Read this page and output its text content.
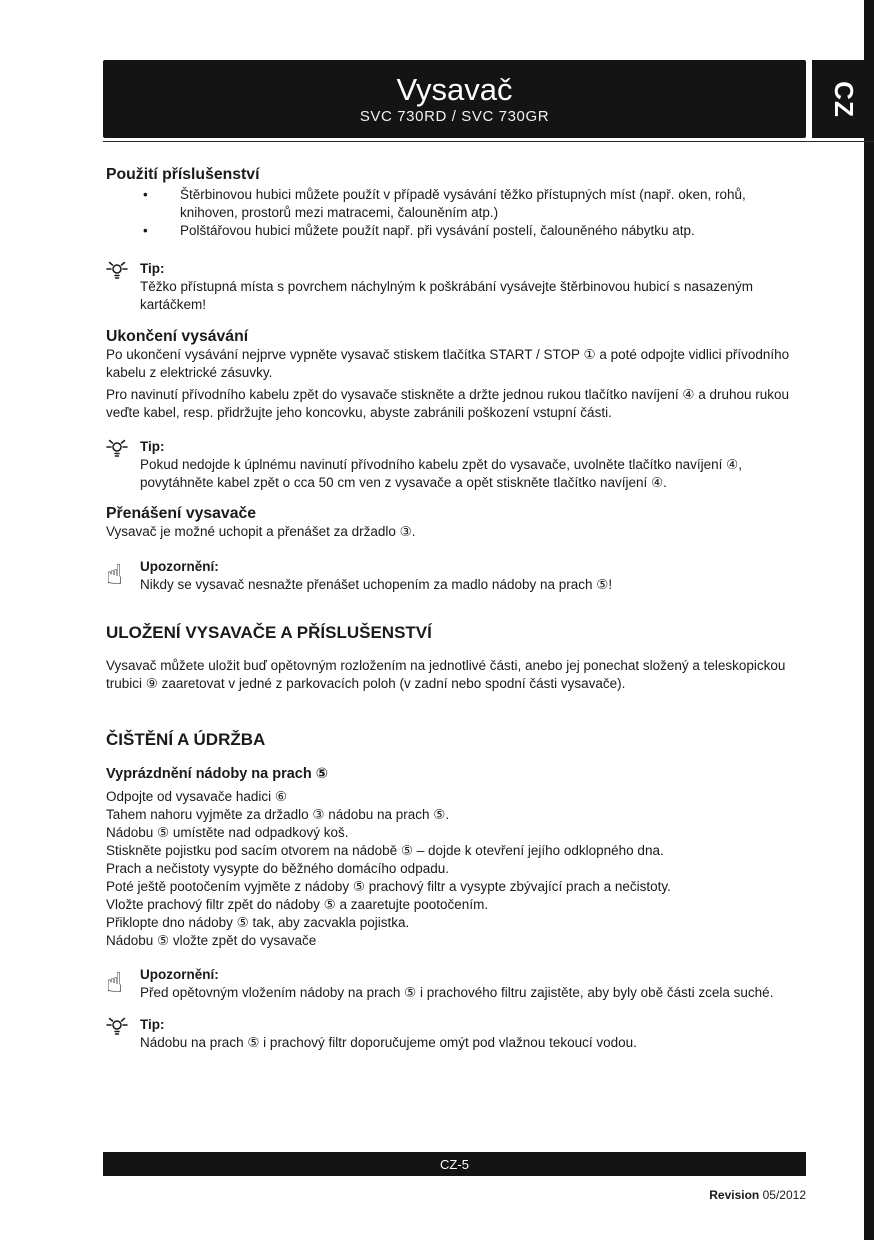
Vysavač
SVC 730RD / SVC 730GR	CZ
Použití příslušenství
• Štěrbinovou hubici můžete použít v případě vysávání těžko přístupných míst (např. oken, rohů, knihoven, prostorů mezi matracemi, čalouněním atp.)
• Polštářovou hubici můžete použít např. při vysávání postelí, čalouněného nábytku atp.
Tip:
Těžko přístupná místa s povrchem náchylným k poškrábání vysávejte štěrbinovou hubicí s nasazeným kartáčkem!
Ukončení vysávání

Po ukončení vysávání nejprve vypněte vysavač stiskem tlačítka START / STOP ① a poté odpojte vidlici přívodního kabelu z elektrické zásuvky.

Pro navinutí přívodního kabelu zpět do vysavače stiskněte a držte jednou rukou tlačítko navíjení ④ a druhou rukou veďte kabel, resp. přidržujte jeho koncovku, abyste zabránili poškození vstupní části.

Tip:
Pokud nedojde k úplnému navinutí přívodního kabelu zpět do vysavače, uvolněte tlačítko navíjení ④, povytáhněte kabel zpět o cca 50 cm ven z vysavače a opět stiskněte tlačítko navíjení ④.
Přenášení vysavače

Vysavač je možné uchopit a přenášet za držadlo ③.

☝	Upozornění:
Nikdy se vysavač nesnažte přenášet uchopením za madlo nádoby na prach ⑤!
ULOŽENÍ VYSAVAČE A PŘÍSLUŠENSTVÍ

Vysavač můžete uložit buď opětovným rozložením na jednotlivé části, anebo jej ponechat složený a teleskopickou trubici ⑨ zaaretovat v jedné z parkovacích poloh (v zadní nebo spodní části vysavače).

ČIŠTĚNÍ A ÚDRŽBA
Vyprázdnění nádoby na prach ⑤
Odpojte od vysavače hadici ⑥
Tahem nahoru vyjměte za držadlo ③ nádobu na prach ⑤.
Nádobu ⑤ umístěte nad odpadkový koš.
Stiskněte pojistku pod sacím otvorem na nádobě ⑤ – dojde k otevření jejího odklopného dna.
Prach a nečistoty vysypte do běžného domácího odpadu.
Poté ještě pootočením vyjměte z nádoby ⑤ prachový filtr a vysypte zbývající prach a nečistoty.
Vložte prachový filtr zpět do nádoby ⑤ a zaaretujte pootočením.
Přiklopte dno nádoby ⑤ tak, aby zacvakla pojistka.
Nádobu ⑤ vložte zpět do vysavače
☝	Upozornění:
Před opětovným vložením nádoby na prach ⑤ i prachového filtru zajistěte, aby byly obě části zcela suché.
Tip:
Nádobu na prach ⑤ i prachový filtr doporučujeme omýt pod vlažnou tekoucí vodou.
CZ-5
Revision 05/2012
